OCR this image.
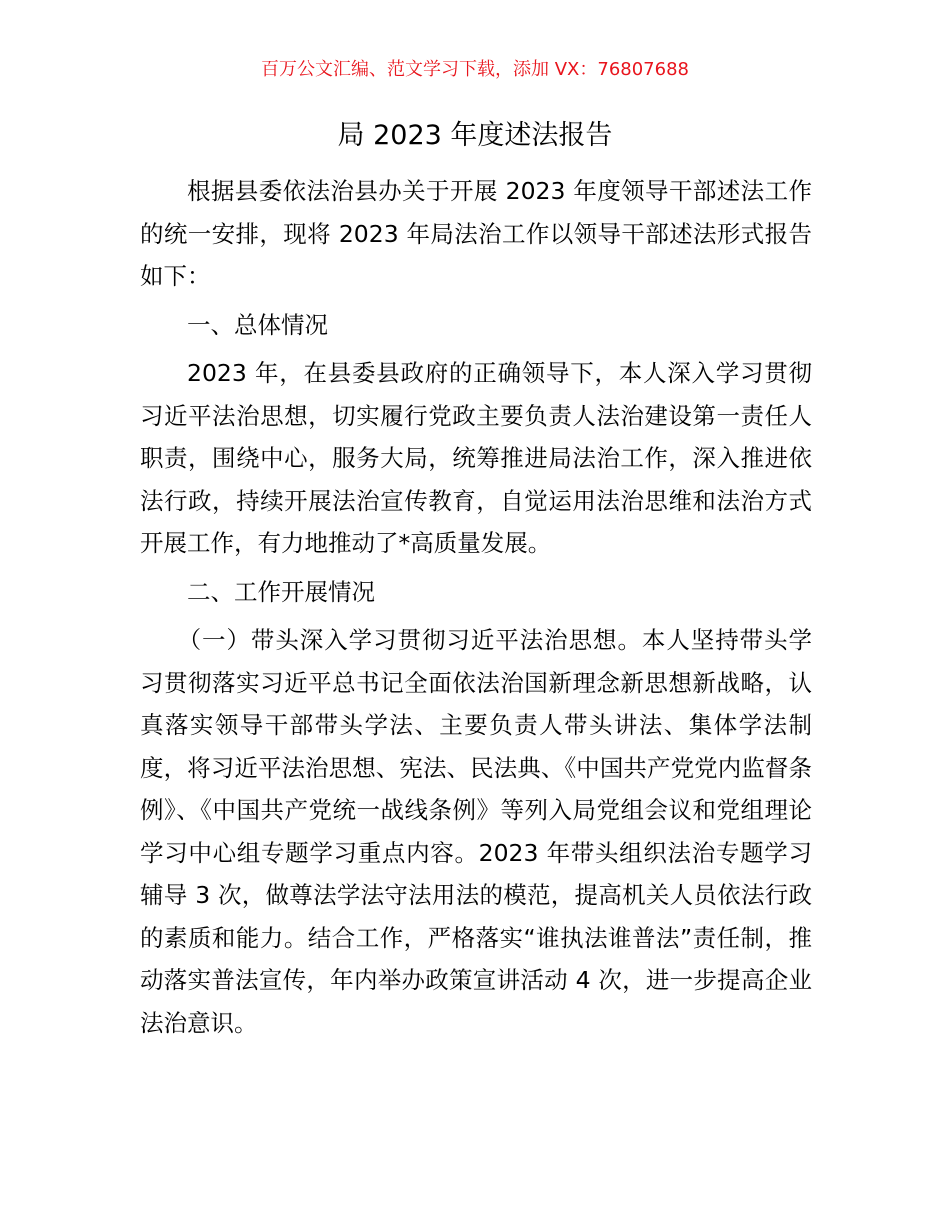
百万公文汇编、范文学习下载，添加 VX：76807688
局 2023 年度述法报告

根据县委依法治县办关于开展 2023 年度领导干部述法工作的统一安排，现将 2023 年局法治工作以领导干部述法形式报告如下：

一、总体情况

2023 年，在县委县政府的正确领导下，本人深入学习贯彻习近平法治思想，切实履行党政主要负责人法治建设第一责任人职责，围绕中心，服务大局，统筹推进局法治工作，深入推进依法行政，持续开展法治宣传教育，自觉运用法治思维和法治方式开展工作，有力地推动了*高质量发展。

二、工作开展情况

（一）带头深入学习贯彻习近平法治思想。本人坚持带头学习贯彻落实习近平总书记全面依法治国新理念新思想新战略，认真落实领导干部带头学法、主要负责人带头讲法、集体学法制度，将习近平法治思想、宪法、民法典、《中国共产党党内监督条例》、《中国共产党统一战线条例》等列入局党组会议和党组理论学习中心组专题学习重点内容。2023 年带头组织法治专题学习辅导 3 次，做尊法学法守法用法的模范，提高机关人员依法行政的素质和能力。结合工作，严格落实“谁执法谁普法”责任制，推动落实普法宣传，年内举办政策宣讲活动 4 次，进一步提高企业法治意识。
